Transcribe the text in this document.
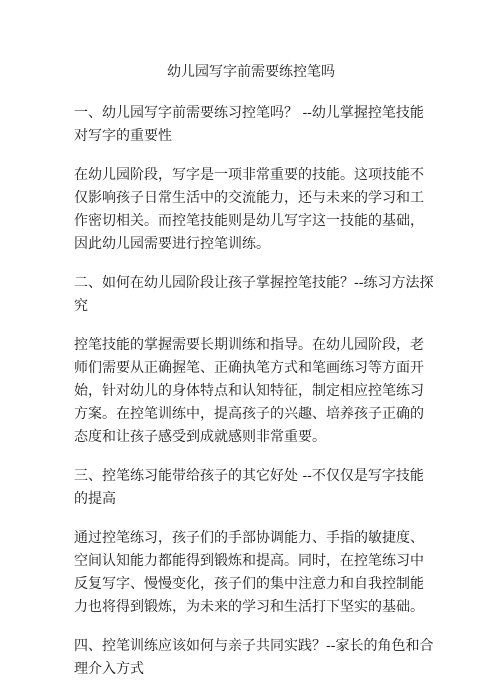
幼儿园写字前需要练控笔吗

一、幼儿园写字前需要练习控笔吗？ --幼儿掌握控笔技能对写字的重要性

在幼儿园阶段，写字是一项非常重要的技能。这项技能不仅影响孩子日常生活中的交流能力，还与未来的学习和工作密切相关。而控笔技能则是幼儿写字这一技能的基础，因此幼儿园需要进行控笔训练。

二、如何在幼儿园阶段让孩子掌握控笔技能？--练习方法探究

控笔技能的掌握需要长期训练和指导。在幼儿园阶段，老师们需要从正确握笔、正确执笔方式和笔画练习等方面开始，针对幼儿的身体特点和认知特征，制定相应控笔练习方案。在控笔训练中，提高孩子的兴趣、培养孩子正确的态度和让孩子感受到成就感则非常重要。

三、控笔练习能带给孩子的其它好处 --不仅仅是写字技能的提高

通过控笔练习，孩子们的手部协调能力、手指的敏捷度、空间认知能力都能得到锻炼和提高。同时，在控笔练习中反复写字、慢慢变化，孩子们的集中注意力和自我控制能力也将得到锻炼，为未来的学习和生活打下坚实的基础。

四、控笔训练应该如何与亲子共同实践？--家长的角色和合理介入方式
